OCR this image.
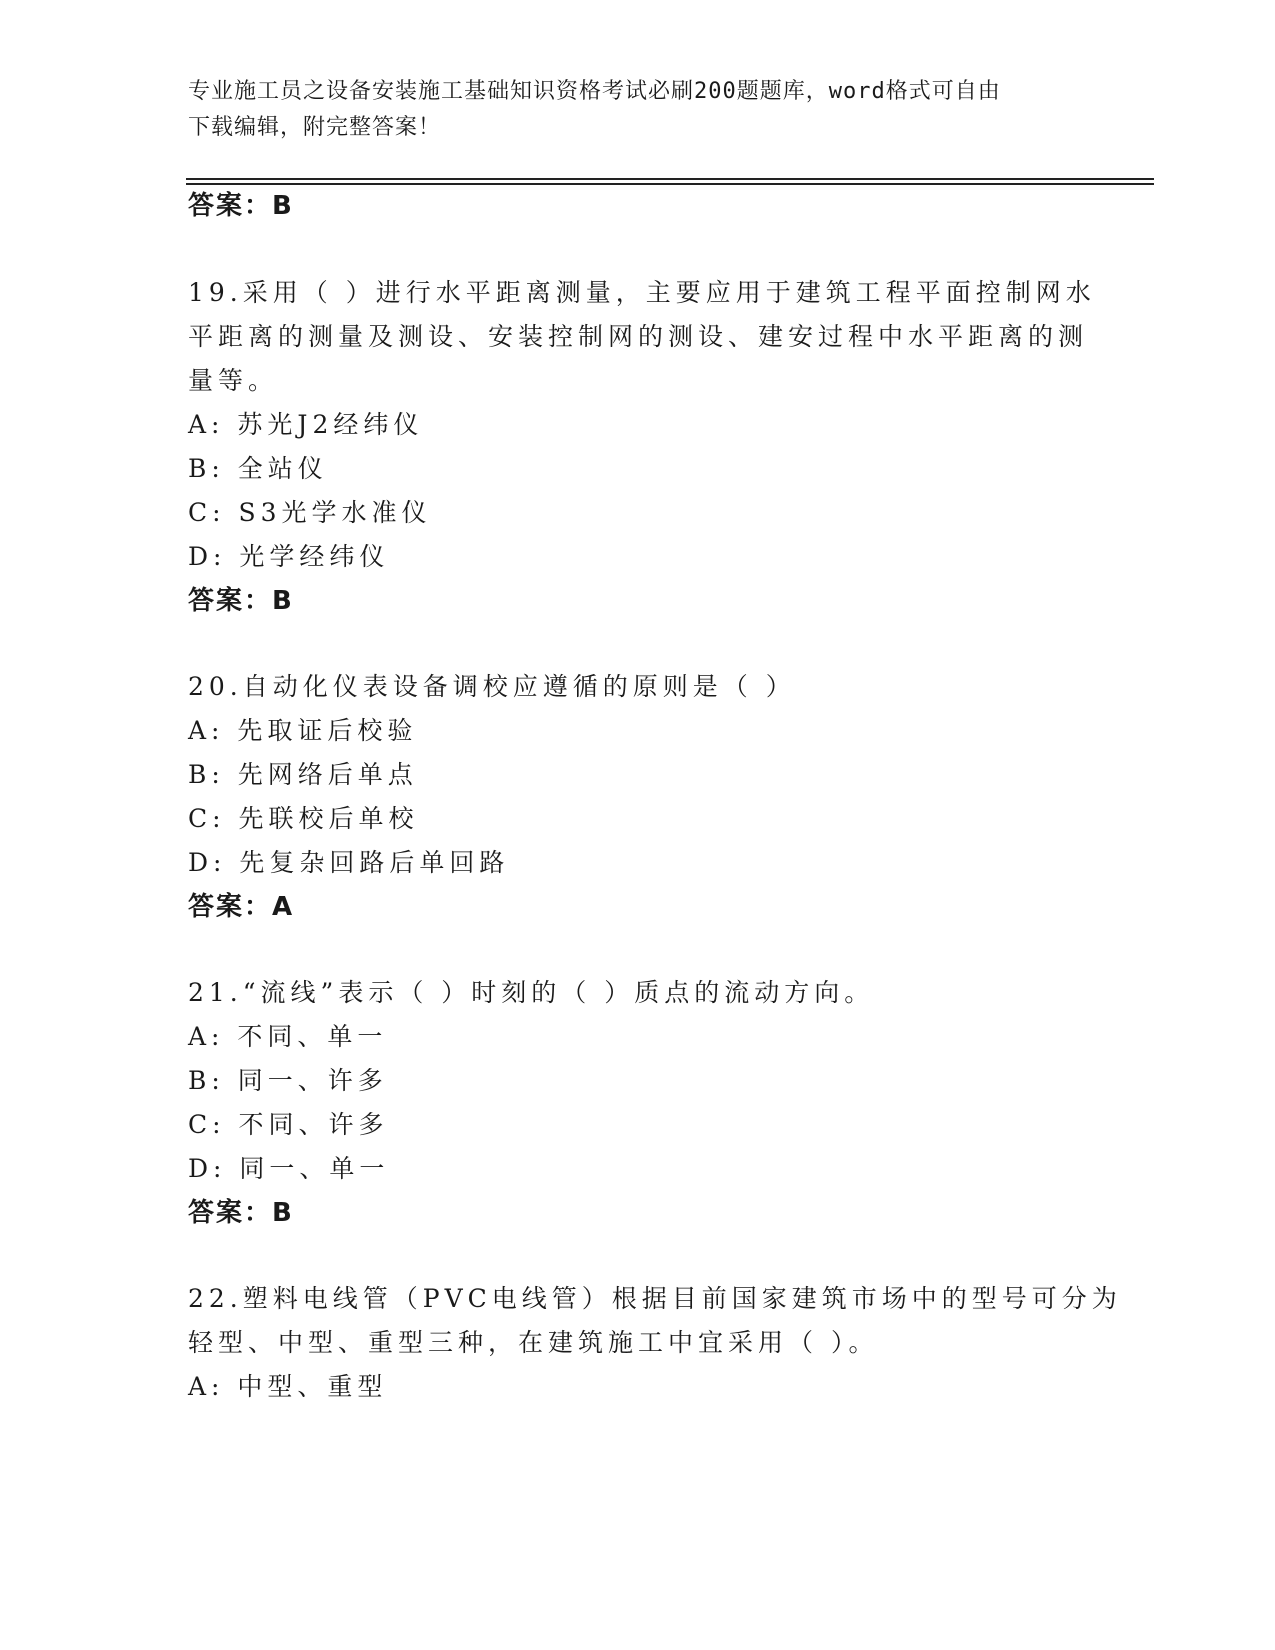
专业施工员之设备安装施工基础知识资格考试必刷200题题库，word格式可自由
下载编辑，附完整答案！
答案：B
19.采用（ ）进行水平距离测量，主要应用于建筑工程平面控制网水
平距离的测量及测设、安装控制网的测设、建安过程中水平距离的测
量等。
A: 苏光J2经纬仪
B: 全站仪
C: S3光学水准仪
D: 光学经纬仪
答案：B
20.自动化仪表设备调校应遵循的原则是（ ）
A: 先取证后校验
B: 先网络后单点
C: 先联校后单校
D: 先复杂回路后单回路
答案：A
21.“流线”表示（ ）时刻的（ ）质点的流动方向。
A: 不同、单一
B: 同一、许多
C: 不同、许多
D: 同一、单一
答案：B
22.塑料电线管（PVC电线管）根据目前国家建筑市场中的型号可分为
轻型、中型、重型三种，在建筑施工中宜采用（ ）。
A: 中型、重型
